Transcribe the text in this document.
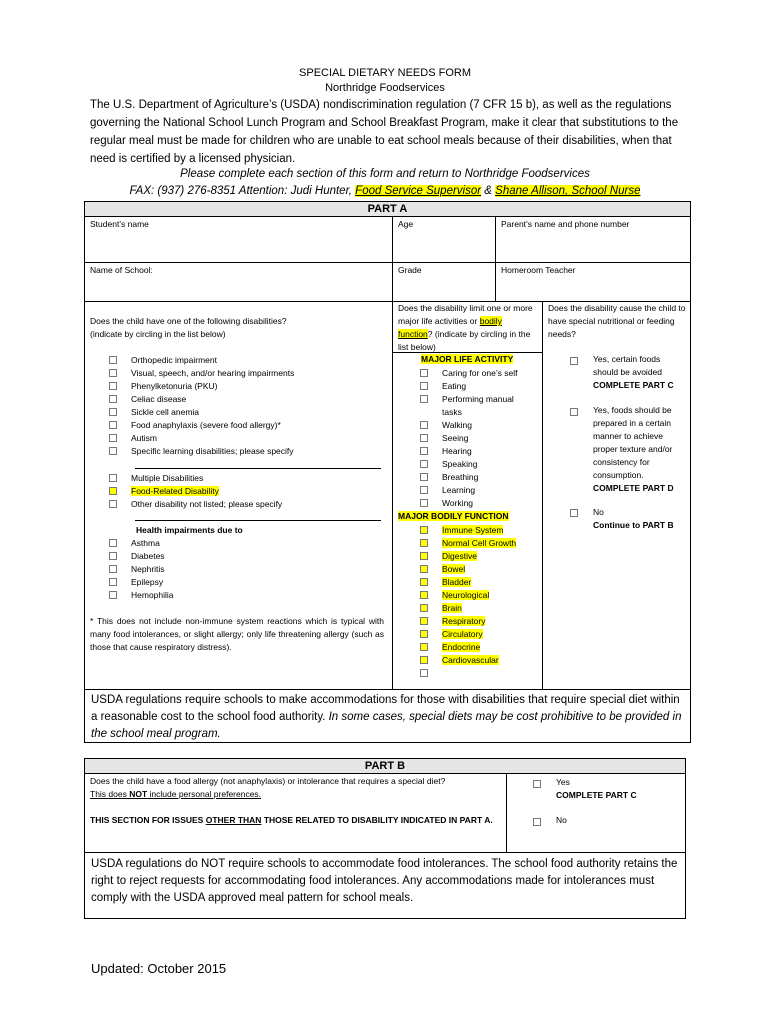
SPECIAL DIETARY NEEDS FORM
Northridge Foodservices
The U.S. Department of Agriculture’s (USDA) nondiscrimination regulation (7 CFR 15 b), as well as the regulations governing the National School Lunch Program and School Breakfast Program, make it clear that substitutions to the regular meal must be made for children who are unable to eat school meals because of their disabilities, when that need is certified by a licensed physician.
Please complete each section of this form and return to Northridge Foodservices
FAX: (937) 276-8351 Attention: Judi Hunter, Food Service Supervisor & Shane Allison, School Nurse
PART A
Student’s name	Age	Parent’s name and phone number
Name of School:	Grade	Homeroom Teacher
Does the child have one of the following disabilities?
(indicate by circling in the list below)
Does the disability limit one or more major life activities or bodily function? (indicate by circling in the list below)
Does the disability cause the child to have special nutritional or feeding needs?
Orthopedic impairment
Visual, speech, and/or hearing impairments
Phenylketonuria (PKU)
Celiac disease
Sickle cell anemia
Food anaphylaxis (severe food allergy)*
Autism
Specific learning disabilities; please specify
Multiple Disabilities
Food-Related Disability
Other disability not listed; please specify
Health impairments due to
Asthma
Diabetes
Nephritis
Epilepsy
Hemophilia
* This does not include non-immune system reactions which is typical with many food intolerances, or slight allergy; only life threatening allergy (such as those that cause respiratory distress).
MAJOR LIFE ACTIVITY
Caring for one’s self
Eating
Performing manual
tasks
Walking
Seeing
Hearing
Speaking
Breathing
Learning
Working
MAJOR BODILY FUNCTION
Immune System
Normal Cell Growth
Digestive
Bowel
Bladder
Neurological
Brain
Respiratory
Circulatory
Endocrine
Cardiovascular
Yes, certain foods should be avoided
COMPLETE PART C
Yes, foods should be prepared in a certain manner to achieve proper texture and/or consistency for consumption.
COMPLETE PART D
No
Continue to PART B
USDA regulations require schools to make accommodations for those with disabilities that require special diet within a reasonable cost to the school food authority. In some cases, special diets may be cost prohibitive to be provided in the school meal program.
PART B
Does the child have a food allergy (not anaphylaxis) or intolerance that requires a special diet?
This does NOT include personal preferences.
THIS SECTION FOR ISSUES OTHER THAN THOSE RELATED TO DISABILITY INDICATED IN PART A.
Yes
COMPLETE PART C
No
USDA regulations do NOT require schools to accommodate food intolerances. The school food authority retains the right to reject requests for accommodating food intolerances. Any accommodations made for intolerances must comply with the USDA approved meal pattern for school meals.
Updated: October 2015
